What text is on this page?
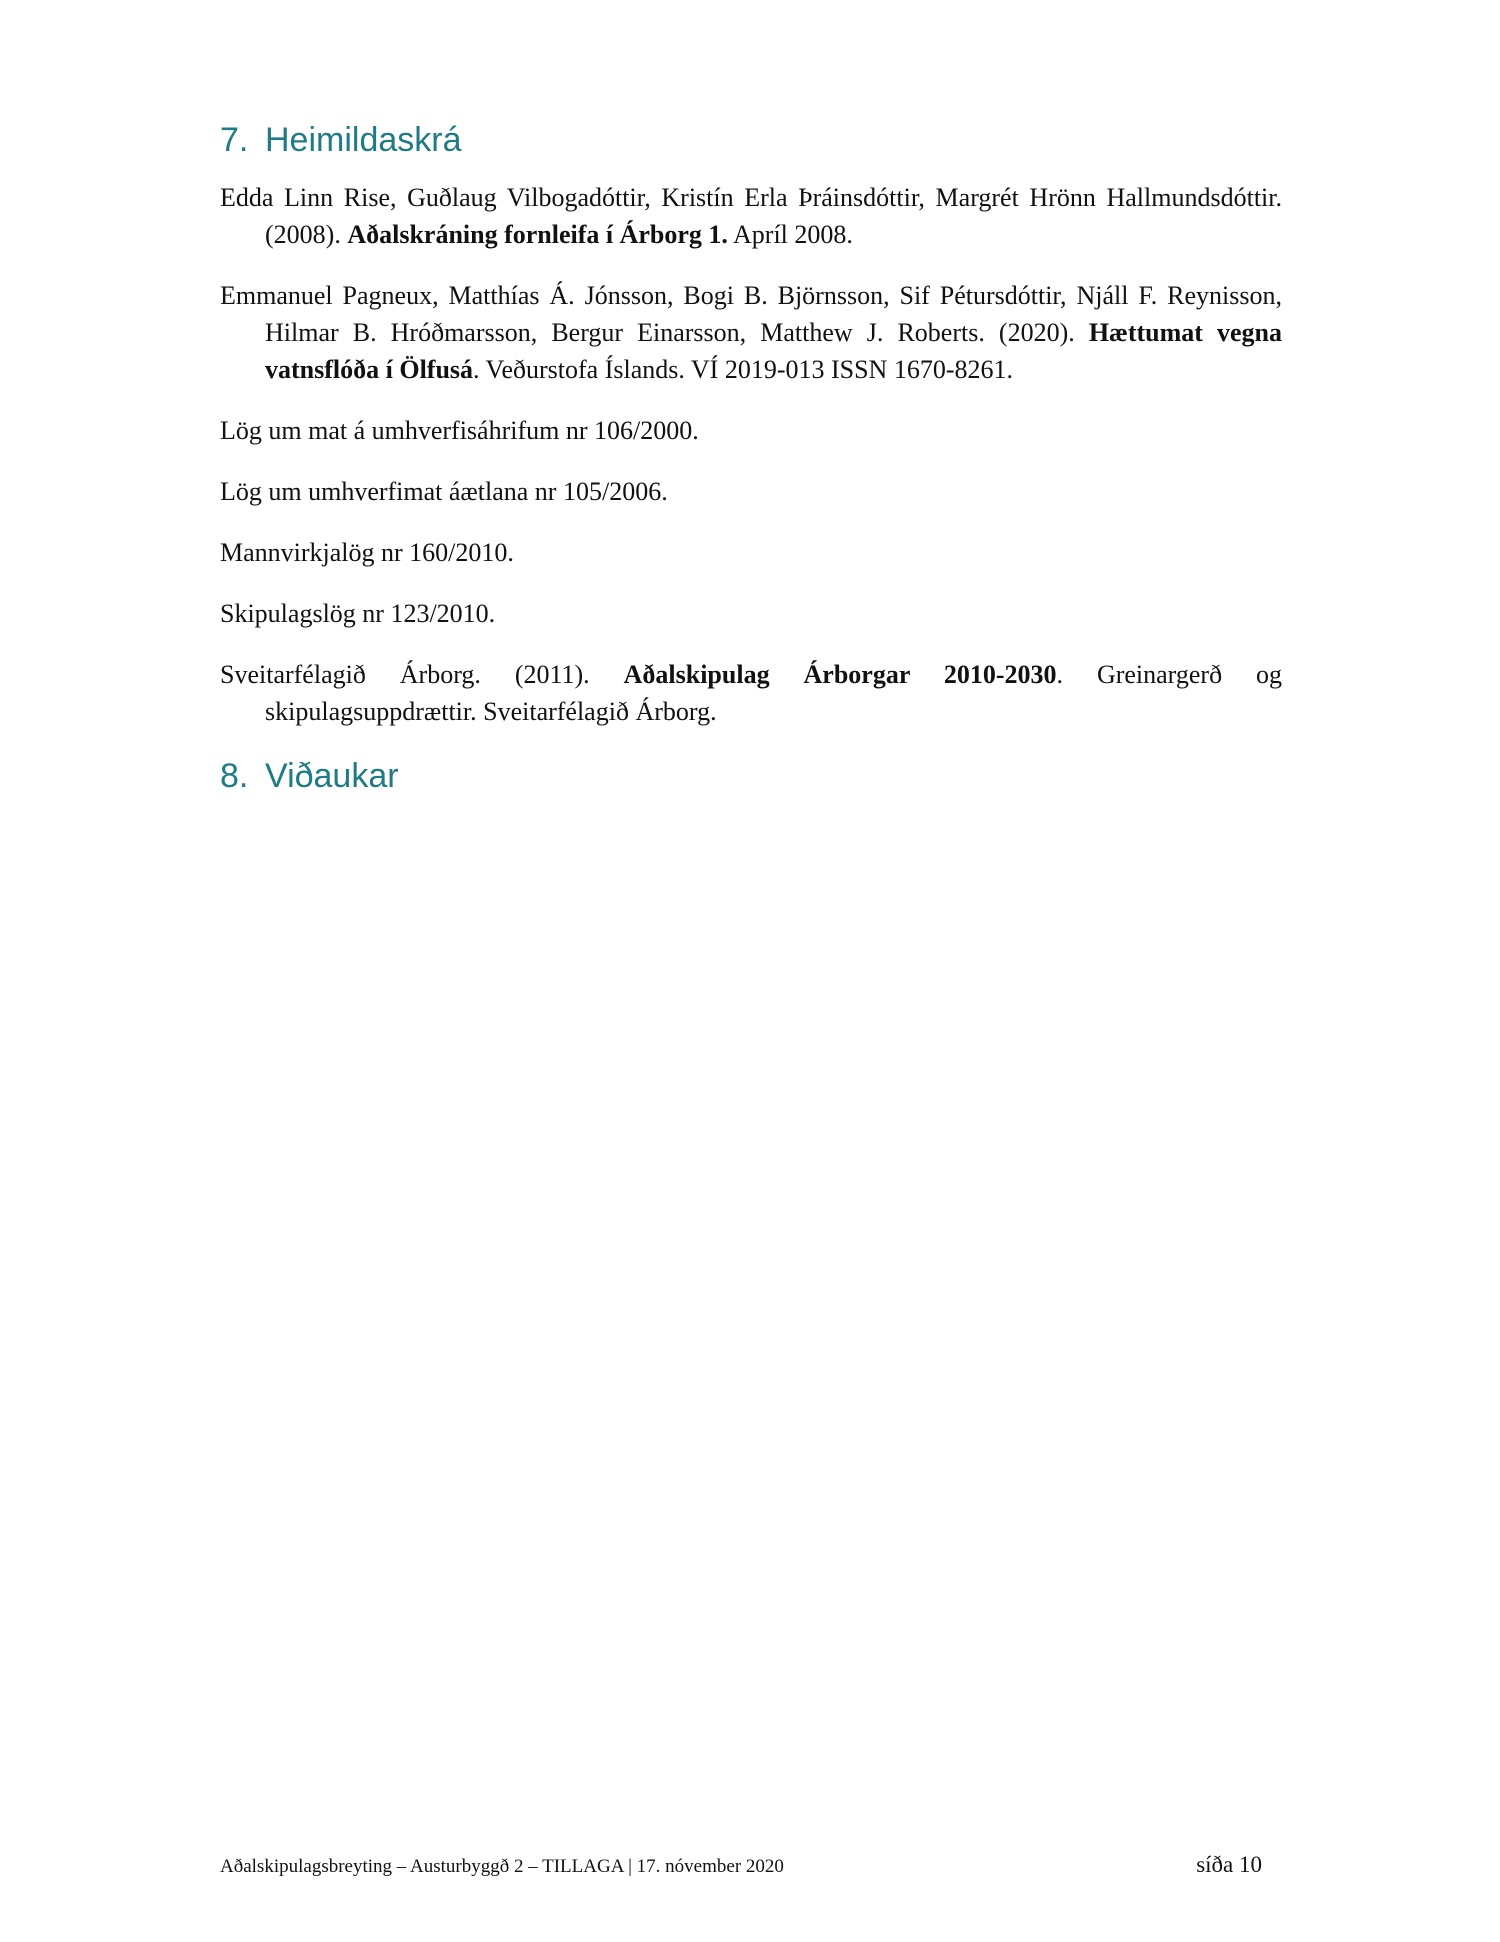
7. Heimildaskrá

Edda Linn Rise, Guðlaug Vilbogadóttir, Kristín Erla Þráinsdóttir, Margrét Hrönn Hallmundsdóttir. (2008). Aðalskráning fornleifa í Árborg 1. Apríl 2008.

Emmanuel Pagneux, Matthías Á. Jónsson, Bogi B. Björnsson, Sif Pétursdóttir, Njáll F. Reynisson, Hilmar B. Hróðmarsson, Bergur Einarsson, Matthew J. Roberts. (2020). Hættumat vegna vatnsflóða í Ölfusá. Veðurstofa Íslands. VÍ 2019-013 ISSN 1670-8261.

Lög um mat á umhverfisáhrifum nr 106/2000.

Lög um umhverfimat áætlana nr 105/2006.

Mannvirkjalög nr 160/2010.

Skipulagslög nr 123/2010.

Sveitarfélagið Árborg. (2011). Aðalskipulag Árborgar 2010-2030. Greinargerð og skipulagsuppdrættir. Sveitarfélagið Árborg.

8. Viðaukar
Aðalskipulagsbreyting – Austurbyggð 2 – TILLAGA | 17. nóvember 2020	síða 10
